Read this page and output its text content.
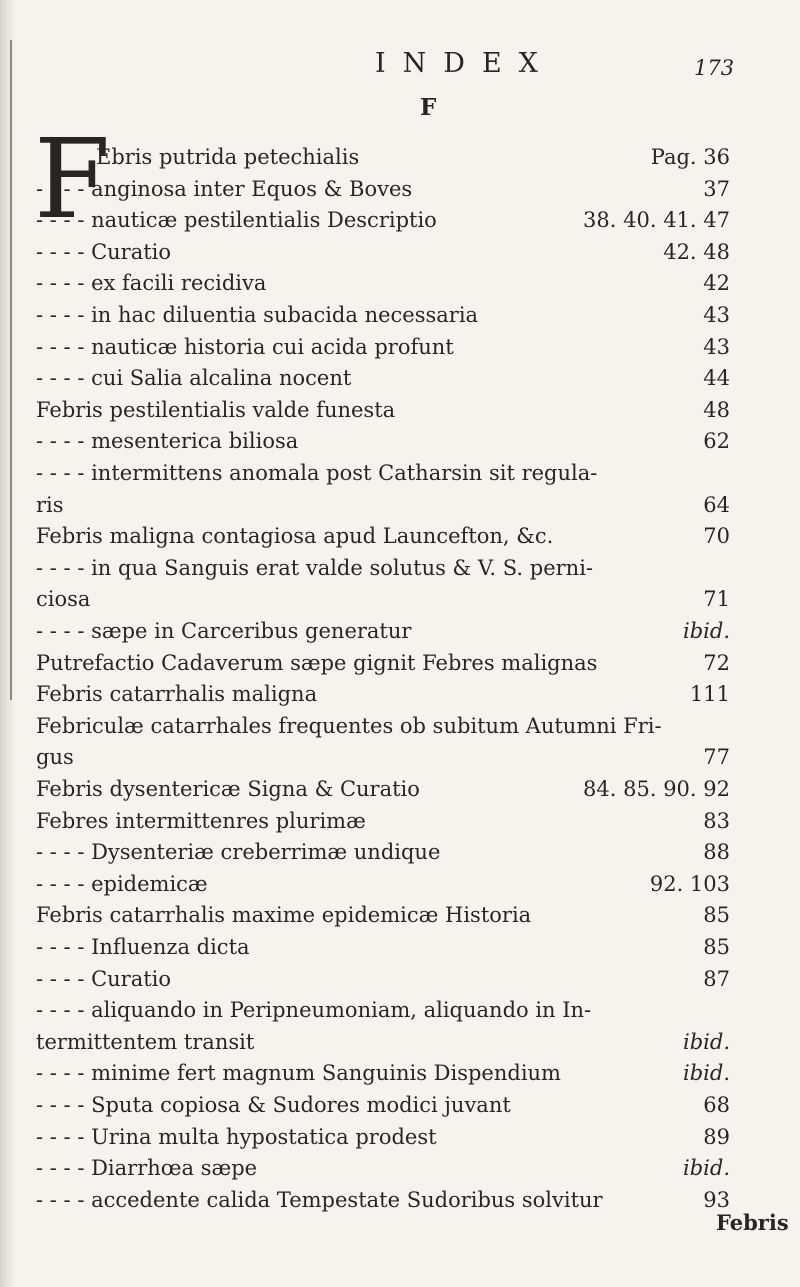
INDEX	173
F
F
Ebris putrida petechialis	Pag. 36
- - - - anginosa inter Equos & Boves	37
- - - - nauticæ pestilentialis Descriptio	38. 40. 41. 47
- - - - Curatio	42. 48
- - - - ex facili recidiva	42
- - - - in hac diluentia subacida necessaria	43
- - - - nauticæ historia cui acida profunt	43
- - - - cui Salia alcalina nocent	44
Febris pestilentialis valde funesta	48
- - - - mesenterica biliosa	62
- - - - intermittens anomala post Catharsin sit regula-
ris	64
Febris maligna contagiosa apud Launcefton, &c.	70
- - - - in qua Sanguis erat valde solutus & V. S. perni-
ciosa	71
- - - - sæpe in Carceribus generatur	ibid.
Putrefactio Cadaverum sæpe gignit Febres malignas	72
Febris catarrhalis maligna	111
Febriculæ catarrhales frequentes ob subitum Autumni Fri-
gus	77
Febris dysentericæ Signa & Curatio	84. 85. 90. 92
Febres intermittenres plurimæ	83
- - - - Dysenteriæ creberrimæ undique	88
- - - - epidemicæ	92. 103
Febris catarrhalis maxime epidemicæ Historia	85
- - - - Influenza dicta	85
- - - - Curatio	87
- - - - aliquando in Peripneumoniam, aliquando in In-
termittentem transit	ibid.
- - - - minime fert magnum Sanguinis Dispendium	ibid.
- - - - Sputa copiosa & Sudores modici juvant	68
- - - - Urina multa hypostatica prodest	89
- - - - Diarrhœa sæpe	ibid.
- - - - accedente calida Tempestate Sudoribus solvitur	93
Febris
